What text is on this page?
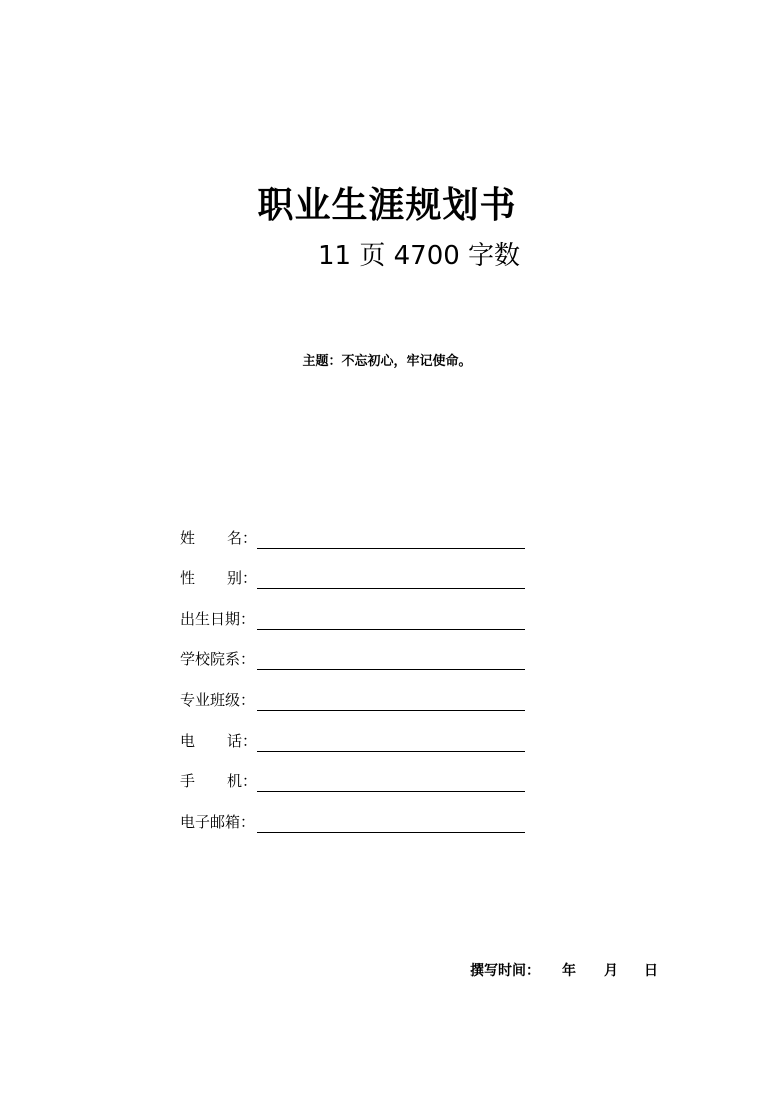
职业生涯规划书

11 页 4700 字数

主题：不忘初心，牢记使命。

姓 名：
性 别：
出生日期：
学校院系：
专业班级：
电 话：
手 机：
电子邮箱：
撰写时间： 年 月 日
